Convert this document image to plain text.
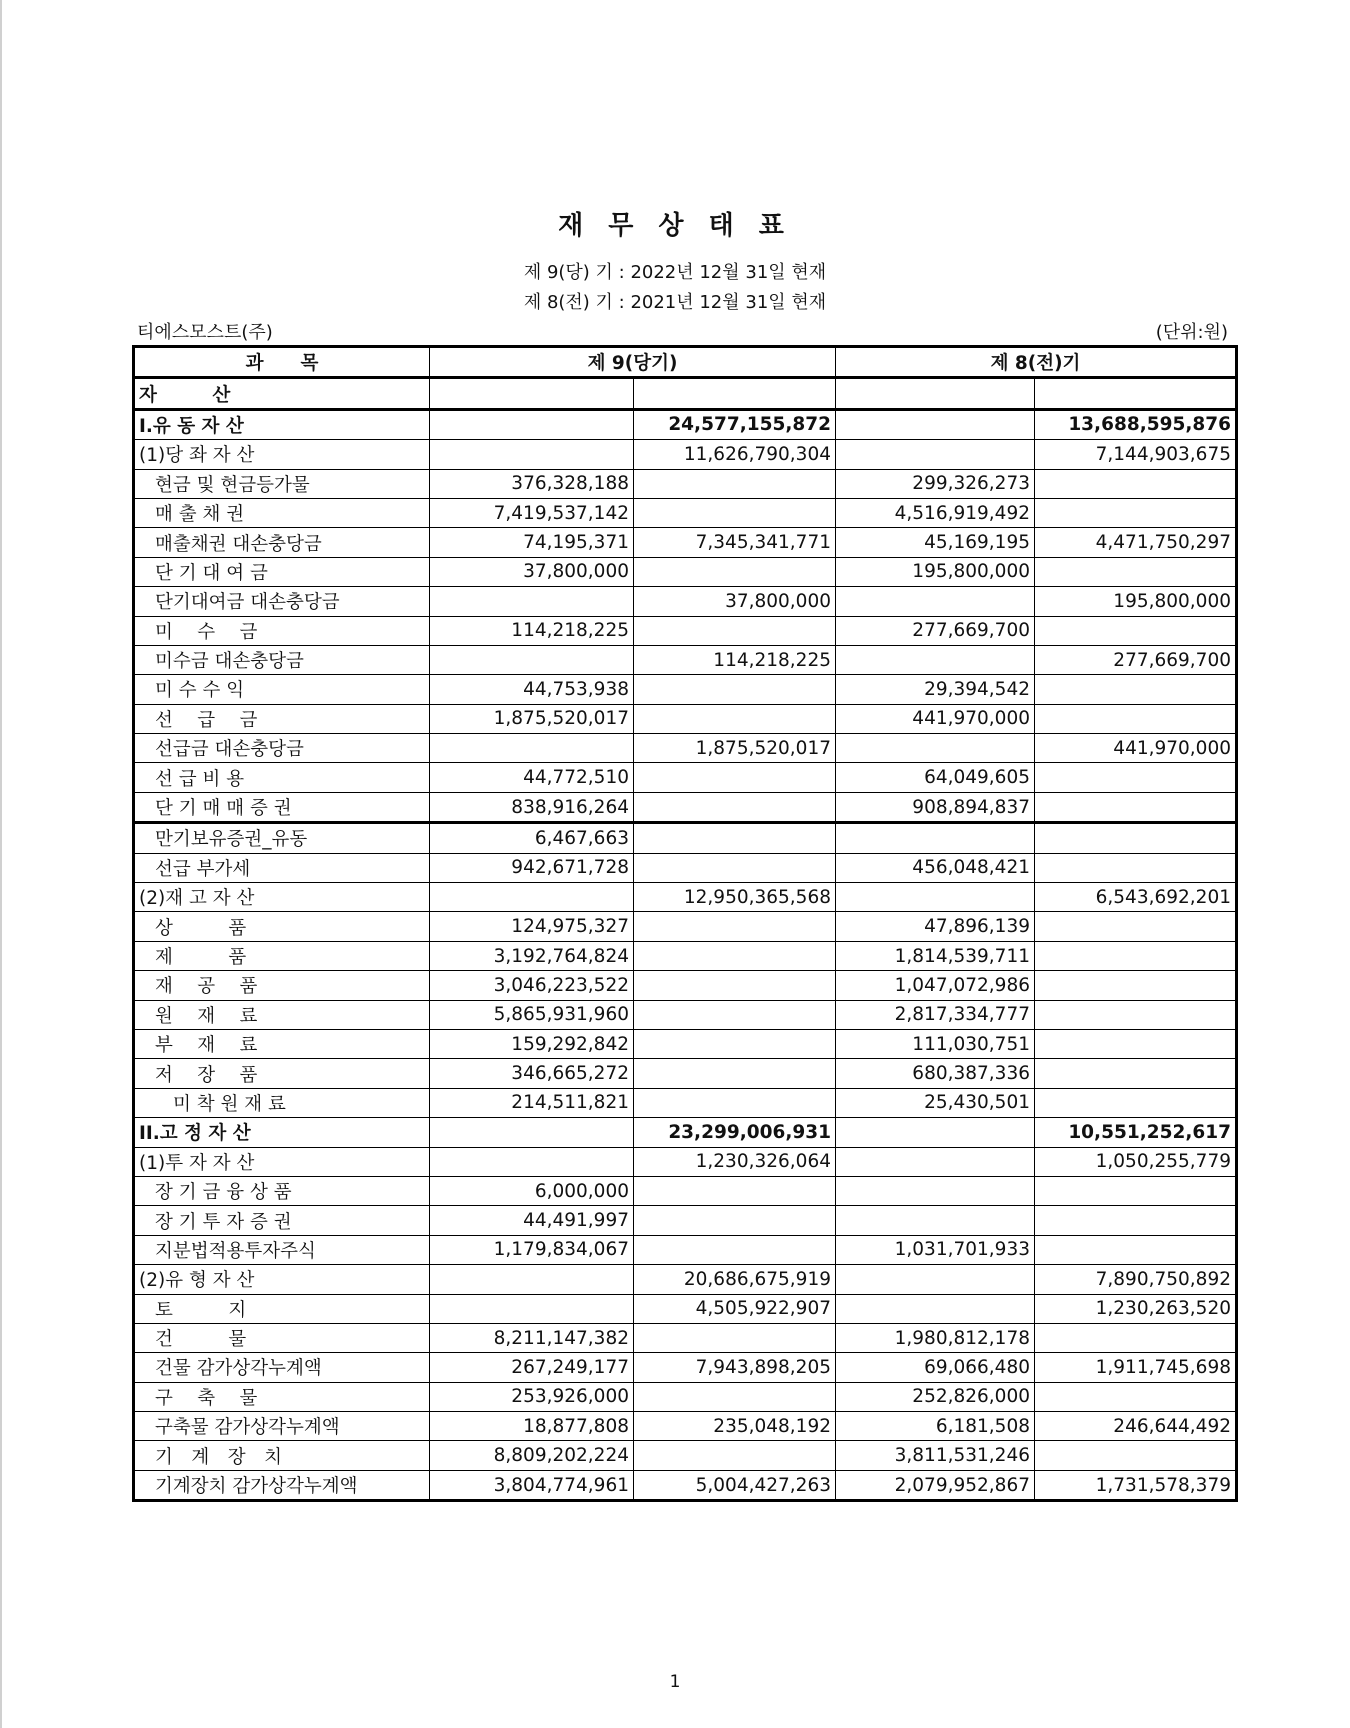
재 무 상 태 표
제 9(당) 기 : 2022년 12월 31일 현재
제 8(전) 기 : 2021년 12월 31일 현재
티에스모스트(주)	(단위:원)
과　　목	제 9(당기)		제 8(전)기	
자　　　산				
I.유 동 자 산		24,577,155,872		13,688,595,876
(1)당 좌 자 산		11,626,790,304		7,144,903,675
현금 및 현금등가물	376,328,188		299,326,273	
매 출 채 권	7,419,537,142		4,516,919,492	
매출채권 대손충당금	74,195,371	7,345,341,771	45,169,195	4,471,750,297
단 기 대 여 금	37,800,000		195,800,000	
단기대여금 대손충당금		37,800,000		195,800,000
미　 수　 금	114,218,225		277,669,700	
미수금 대손충당금		114,218,225		277,669,700
미 수 수 익	44,753,938		29,394,542	
선　 급　 금	1,875,520,017		441,970,000	
선급금 대손충당금		1,875,520,017		441,970,000
선 급 비 용	44,772,510		64,049,605	
단 기 매 매 증 권	838,916,264		908,894,837	
만기보유증권_유동	6,467,663			
선급 부가세	942,671,728		456,048,421	
(2)재 고 자 산		12,950,365,568		6,543,692,201
상　　　품	124,975,327		47,896,139	
제　　　품	3,192,764,824		1,814,539,711	
재　 공　 품	3,046,223,522		1,047,072,986	
원　 재　 료	5,865,931,960		2,817,334,777	
부　 재　 료	159,292,842		111,030,751	
저　 장　 품	346,665,272		680,387,336	
미 착 원 재 료	214,511,821		25,430,501	
II.고 정 자 산		23,299,006,931		10,551,252,617
(1)투 자 자 산		1,230,326,064		1,050,255,779
장 기 금 융 상 품	6,000,000			
장 기 투 자 증 권	44,491,997			
지분법적용투자주식	1,179,834,067		1,031,701,933	
(2)유 형 자 산		20,686,675,919		7,890,750,892
토　　　지		4,505,922,907		1,230,263,520
건　　　물	8,211,147,382		1,980,812,178	
건물 감가상각누계액	267,249,177	7,943,898,205	69,066,480	1,911,745,698
구　 축　 물	253,926,000		252,826,000	
구축물 감가상각누계액	18,877,808	235,048,192	6,181,508	246,644,492
기　계　장　치	8,809,202,224		3,811,531,246	
기계장치 감가상각누계액	3,804,774,961	5,004,427,263	2,079,952,867	1,731,578,379
1
